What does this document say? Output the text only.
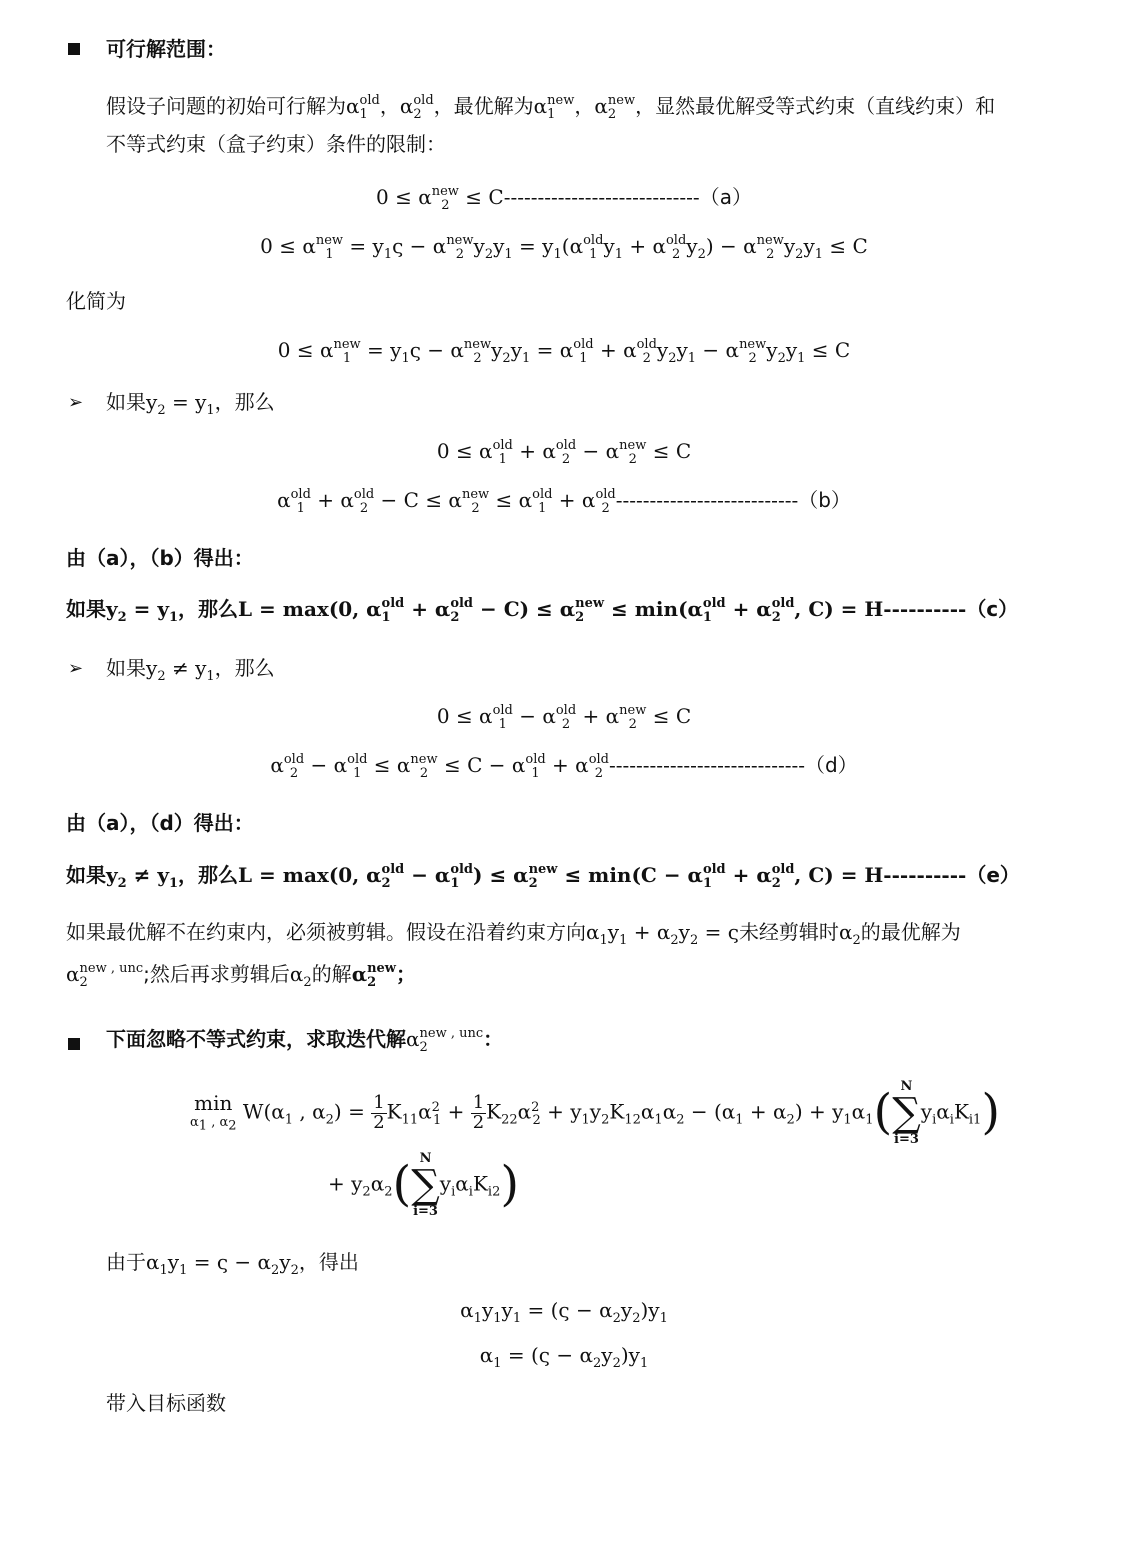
可行解范围：
假设子问题的初始可行解为α old
1 ，α old
2 ，最优解为α new
1 ，α new
2 ，显然最优解受等式约束（直线约束）和
不等式约束（盒子约束）条件的限制：
0 ≤ α new
2 ≤ C-----------------------------（a）
0 ≤ α new
$1 = y_1\varsigma - \alpha$ new
2 $y_2y_1 = y_1(\alpha$ old
1 $y_1 + \alpha$ old
2 $y_2) - \alpha$ new
2 $y_2y_1 \le C$
化简为
0 ≤ α new
$1 = y_1\varsigma - \alpha$ new
2 $y_2y_1 = \alpha$ old
1 + α old
2 $y_2y_1 - \alpha$ new
2 $y_2y_1 \le C$
➢ 如果$y_2 = y_1$，那么
0 ≤ α old
1 + α old
2 − α new
2 ≤ C
α old
1 + α old
2 − C ≤ α new
2 ≤ α old
1 + α old
2 ---------------------------（b）
由（a），（b）得出：
如果$y_2 = y_1$，那么L = max(0, α old
1 + α old
2 − C) ≤ α new
2 ≤ min(α old
1 + α old
2 , C) = H----------（c）
➢ 如果$y_2 \ne y_1$，那么
0 ≤ α old
1 − α old
2 + α new
2 ≤ C
α old
2 − α old
1 ≤ α new
2 ≤ C − α old
1 + α old
2 -----------------------------（d）
由（a），（d）得出：
如果$y_2 \ne y_1$，那么L = max(0, α old
2 − α old
1 ) ≤ α new
2 ≤ min(C − α old
1 + α old
2 , C) = H----------（e）
如果最优解不在约束内，必须被剪辑。假设在沿着约束方向$\alpha_1y_1 + \alpha_2y_2 = \varsigma$未经剪辑时$\alpha_2$的最优解为
α new , unc
2	;然后再求剪辑后$\alpha_2$的解α new
2 ；
下面忽略不等式约束，求取迭代解α new , unc
2	：
min
$\alpha_1$ , $\alpha_2$
$W(\alpha_1$ , $\alpha_2) = \frac{1}{2} K_{11}\alpha^2_1 + \frac{1}{2} K_{22}\alpha^2_2 + y_1y_2K_{12}\alpha_1\alpha_2 - (\alpha_1 + \alpha_2) + y_1\alpha_1$( N
∑
i=3
$y_i\alpha_iK_{i1}$)
+ $y_2\alpha_2$( N
∑
i=3
$y_i\alpha_iK_{i2}$)
由于$\alpha_1y_1 = \varsigma - \alpha_2y_2$，得出
$\alpha_1y_1y_1 = (\varsigma - \alpha_2y_2)y_1$
$\alpha_1 = (\varsigma - \alpha_2y_2)y_1$
带入目标函数
